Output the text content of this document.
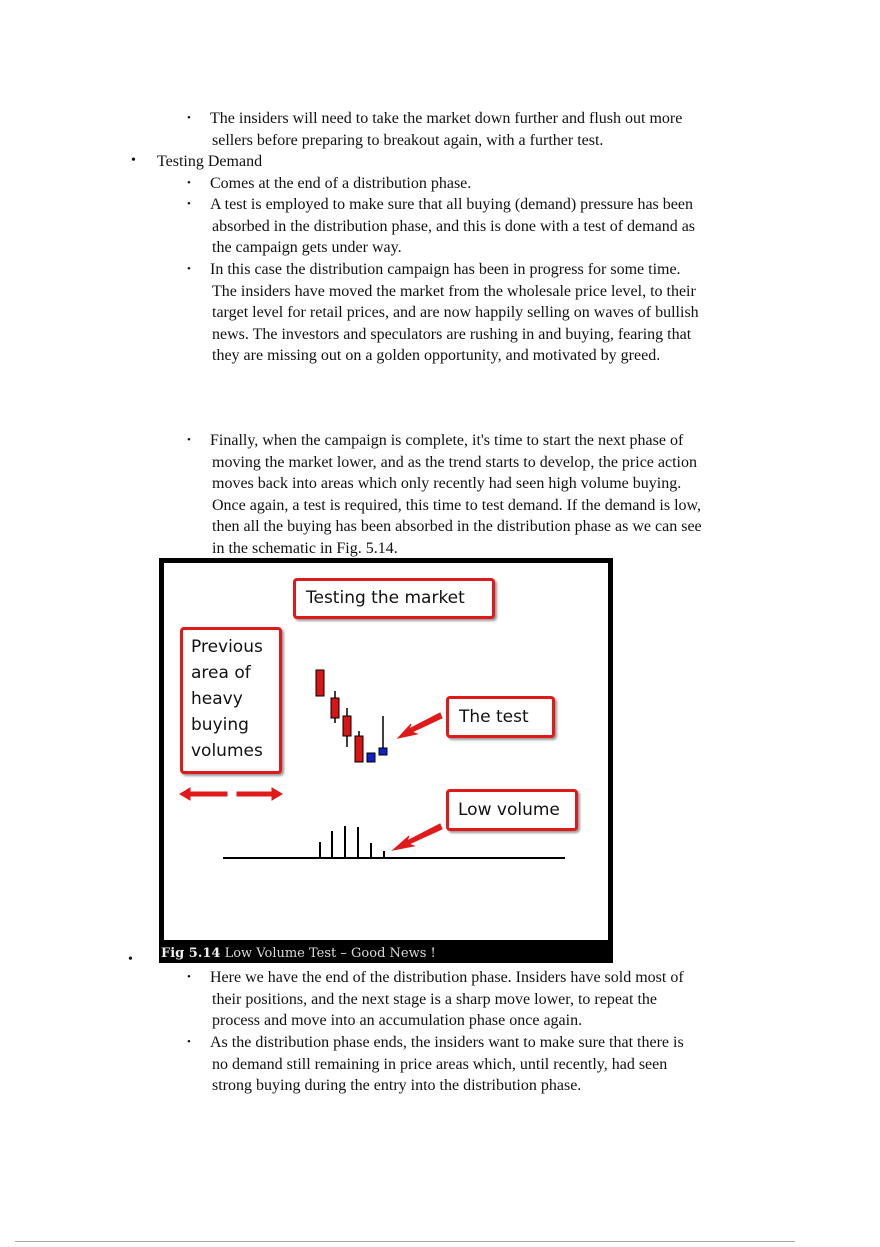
• The insiders will need to take the market down further and flush out more
sellers before preparing to breakout again, with a further test.
• Testing Demand
• Comes at the end of a distribution phase.
• A test is employed to make sure that all buying (demand) pressure has been
absorbed in the distribution phase, and this is done with a test of demand as
the campaign gets under way.
• In this case the distribution campaign has been in progress for some time.
The insiders have moved the market from the wholesale price level, to their
target level for retail prices, and are now happily selling on waves of bullish
news. The investors and speculators are rushing in and buying, fearing that
they are missing out on a golden opportunity, and motivated by greed.
• Finally, when the campaign is complete, it's time to start the next phase of
moving the market lower, and as the trend starts to develop, the price action
moves back into areas which only recently had seen high volume buying.
Once again, a test is required, this time to test demand. If the demand is low,
then all the buying has been absorbed in the distribution phase as we can see
in the schematic in Fig. 5.14.
• Here we have the end of the distribution phase. Insiders have sold most of
their positions, and the next stage is a sharp move lower, to repeat the
process and move into an accumulation phase once again.
• As the distribution phase ends, the insiders want to make sure that there is
no demand still remaining in price areas which, until recently, had seen
strong buying during the entry into the distribution phase.
Testing the market
Previous
area of
heavy
buying
volumes
The test
Low volume
Fig 5.14 Low Volume Test – Good News !
•
